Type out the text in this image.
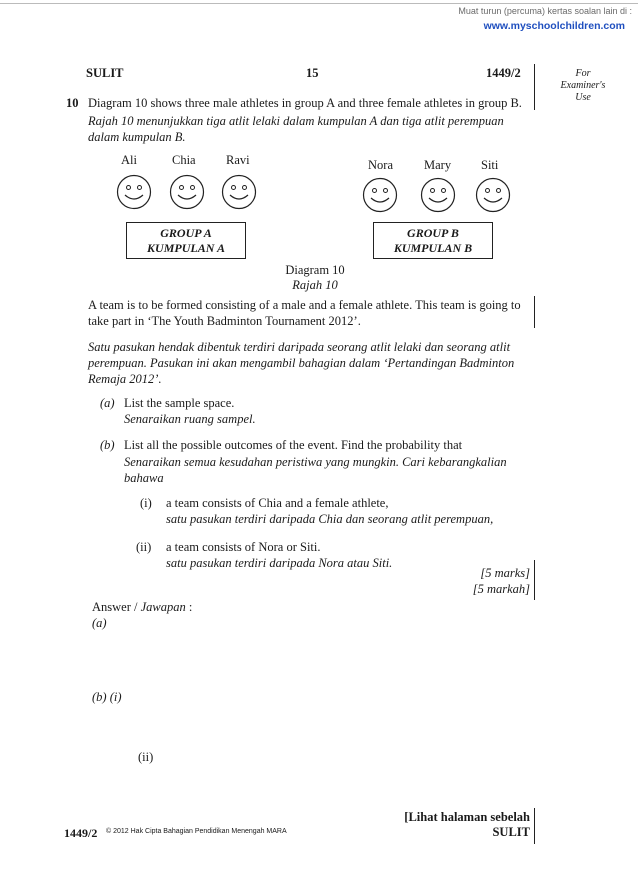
Muat turun (percuma) kertas soalan lain di :
www.myschoolchildren.com
SULIT	15	1449/2	For
Examiner's
Use
10 Diagram 10 shows three male athletes in group A and three female athletes in group B.
Rajah 10 menunjukkan tiga atlit lelaki dalam kumpulan A dan tiga atlit perempuan dalam kumpulan B.
Ali	Chia Ravi	Nora Mary Siti
GROUP A
KUMPULAN A
GROUP B
KUMPULAN B
Diagram 10
Rajah 10
A team is to be formed consisting of a male and a female athlete. This team is going to take part in ‘The Youth Badminton Tournament 2012’.
Satu pasukan hendak dibentuk terdiri daripada seorang atlit lelaki dan seorang atlit perempuan. Pasukan ini akan mengambil bahagian dalam ‘Pertandingan Badminton Remaja 2012’.
(a) List the sample space.
Senaraikan ruang sampel.
(b) List all the possible outcomes of the event. Find the probability that
Senaraikan semua kesudahan peristiwa yang mungkin. Cari kebarangkalian bahawa
(i) a team consists of Chia and a female athlete,
satu pasukan terdiri daripada Chia dan seorang atlit perempuan,
(ii) a team consists of Nora or Siti.
satu pasukan terdiri daripada Nora atau Siti.
[5 marks]
[5 markah]
Answer / Jawapan :
(a)
(b) (i)
(ii)
[Lihat halaman sebelah
SULIT
1449/2 © 2012 Hak Cipta Bahagian Pendidikan Menengah MARA
